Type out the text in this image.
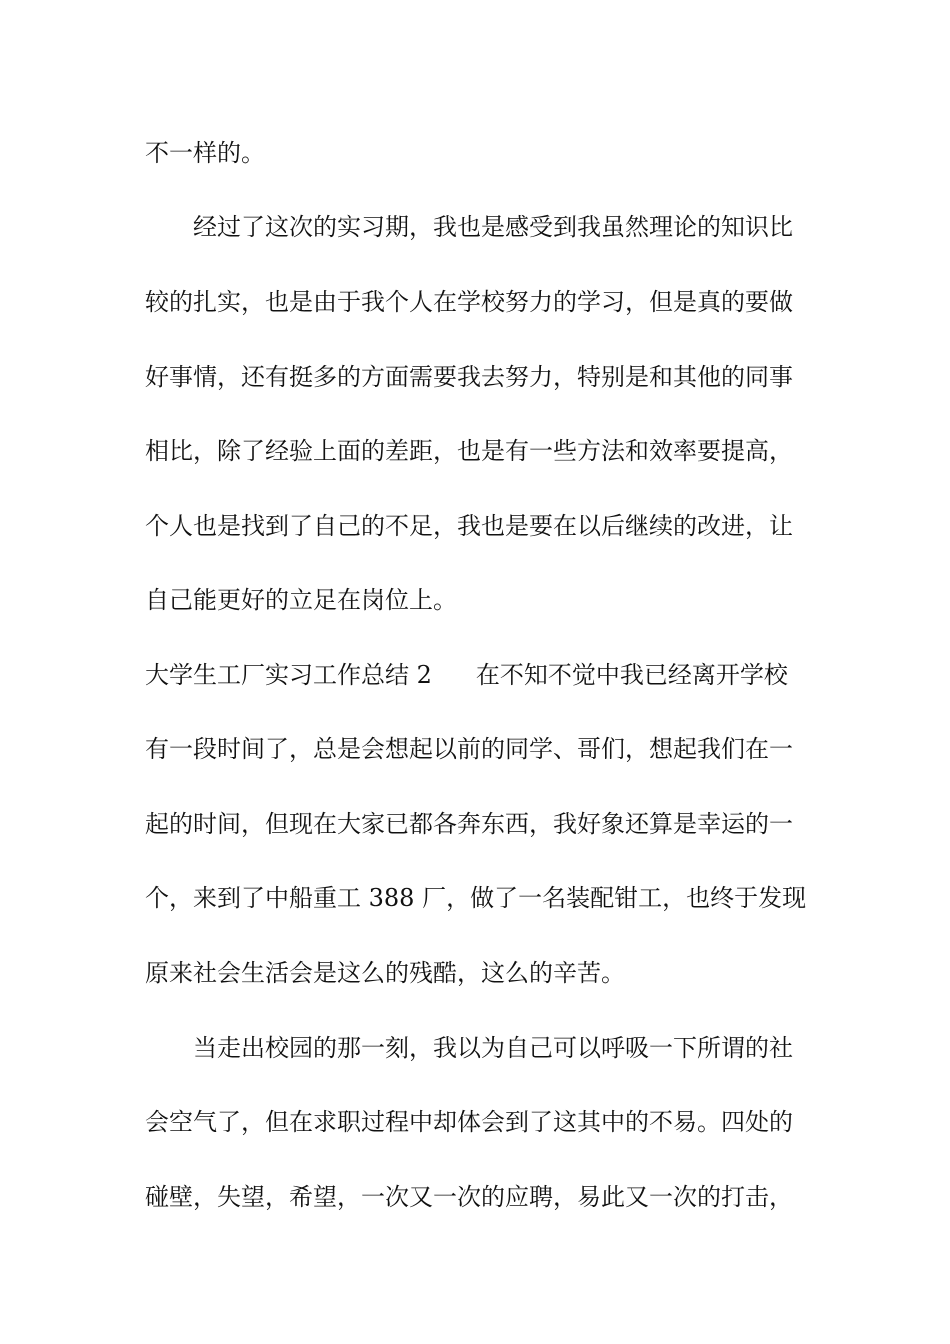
不一样的。
　　经过了这次的实习期，我也是感受到我虽然理论的知识比
较的扎实，也是由于我个人在学校努力的学习，但是真的要做
好事情，还有挺多的方面需要我去努力，特别是和其他的同事
相比，除了经验上面的差距，也是有一些方法和效率要提高，
个人也是找到了自己的不足，我也是要在以后继续的改进，让
自己能更好的立足在岗位上。
大学生工厂实习工作总结 2 在不知不觉中我已经离开学校
有一段时间了，总是会想起以前的同学、哥们，想起我们在一
起的时间，但现在大家已都各奔东西，我好象还算是幸运的一
个，来到了中船重工 388 厂，做了一名装配钳工，也终于发现
原来社会生活会是这么的残酷，这么的辛苦。
　　当走出校园的那一刻，我以为自己可以呼吸一下所谓的社
会空气了，但在求职过程中却体会到了这其中的不易。四处的
碰壁，失望，希望，一次又一次的应聘，易此又一次的打击，
